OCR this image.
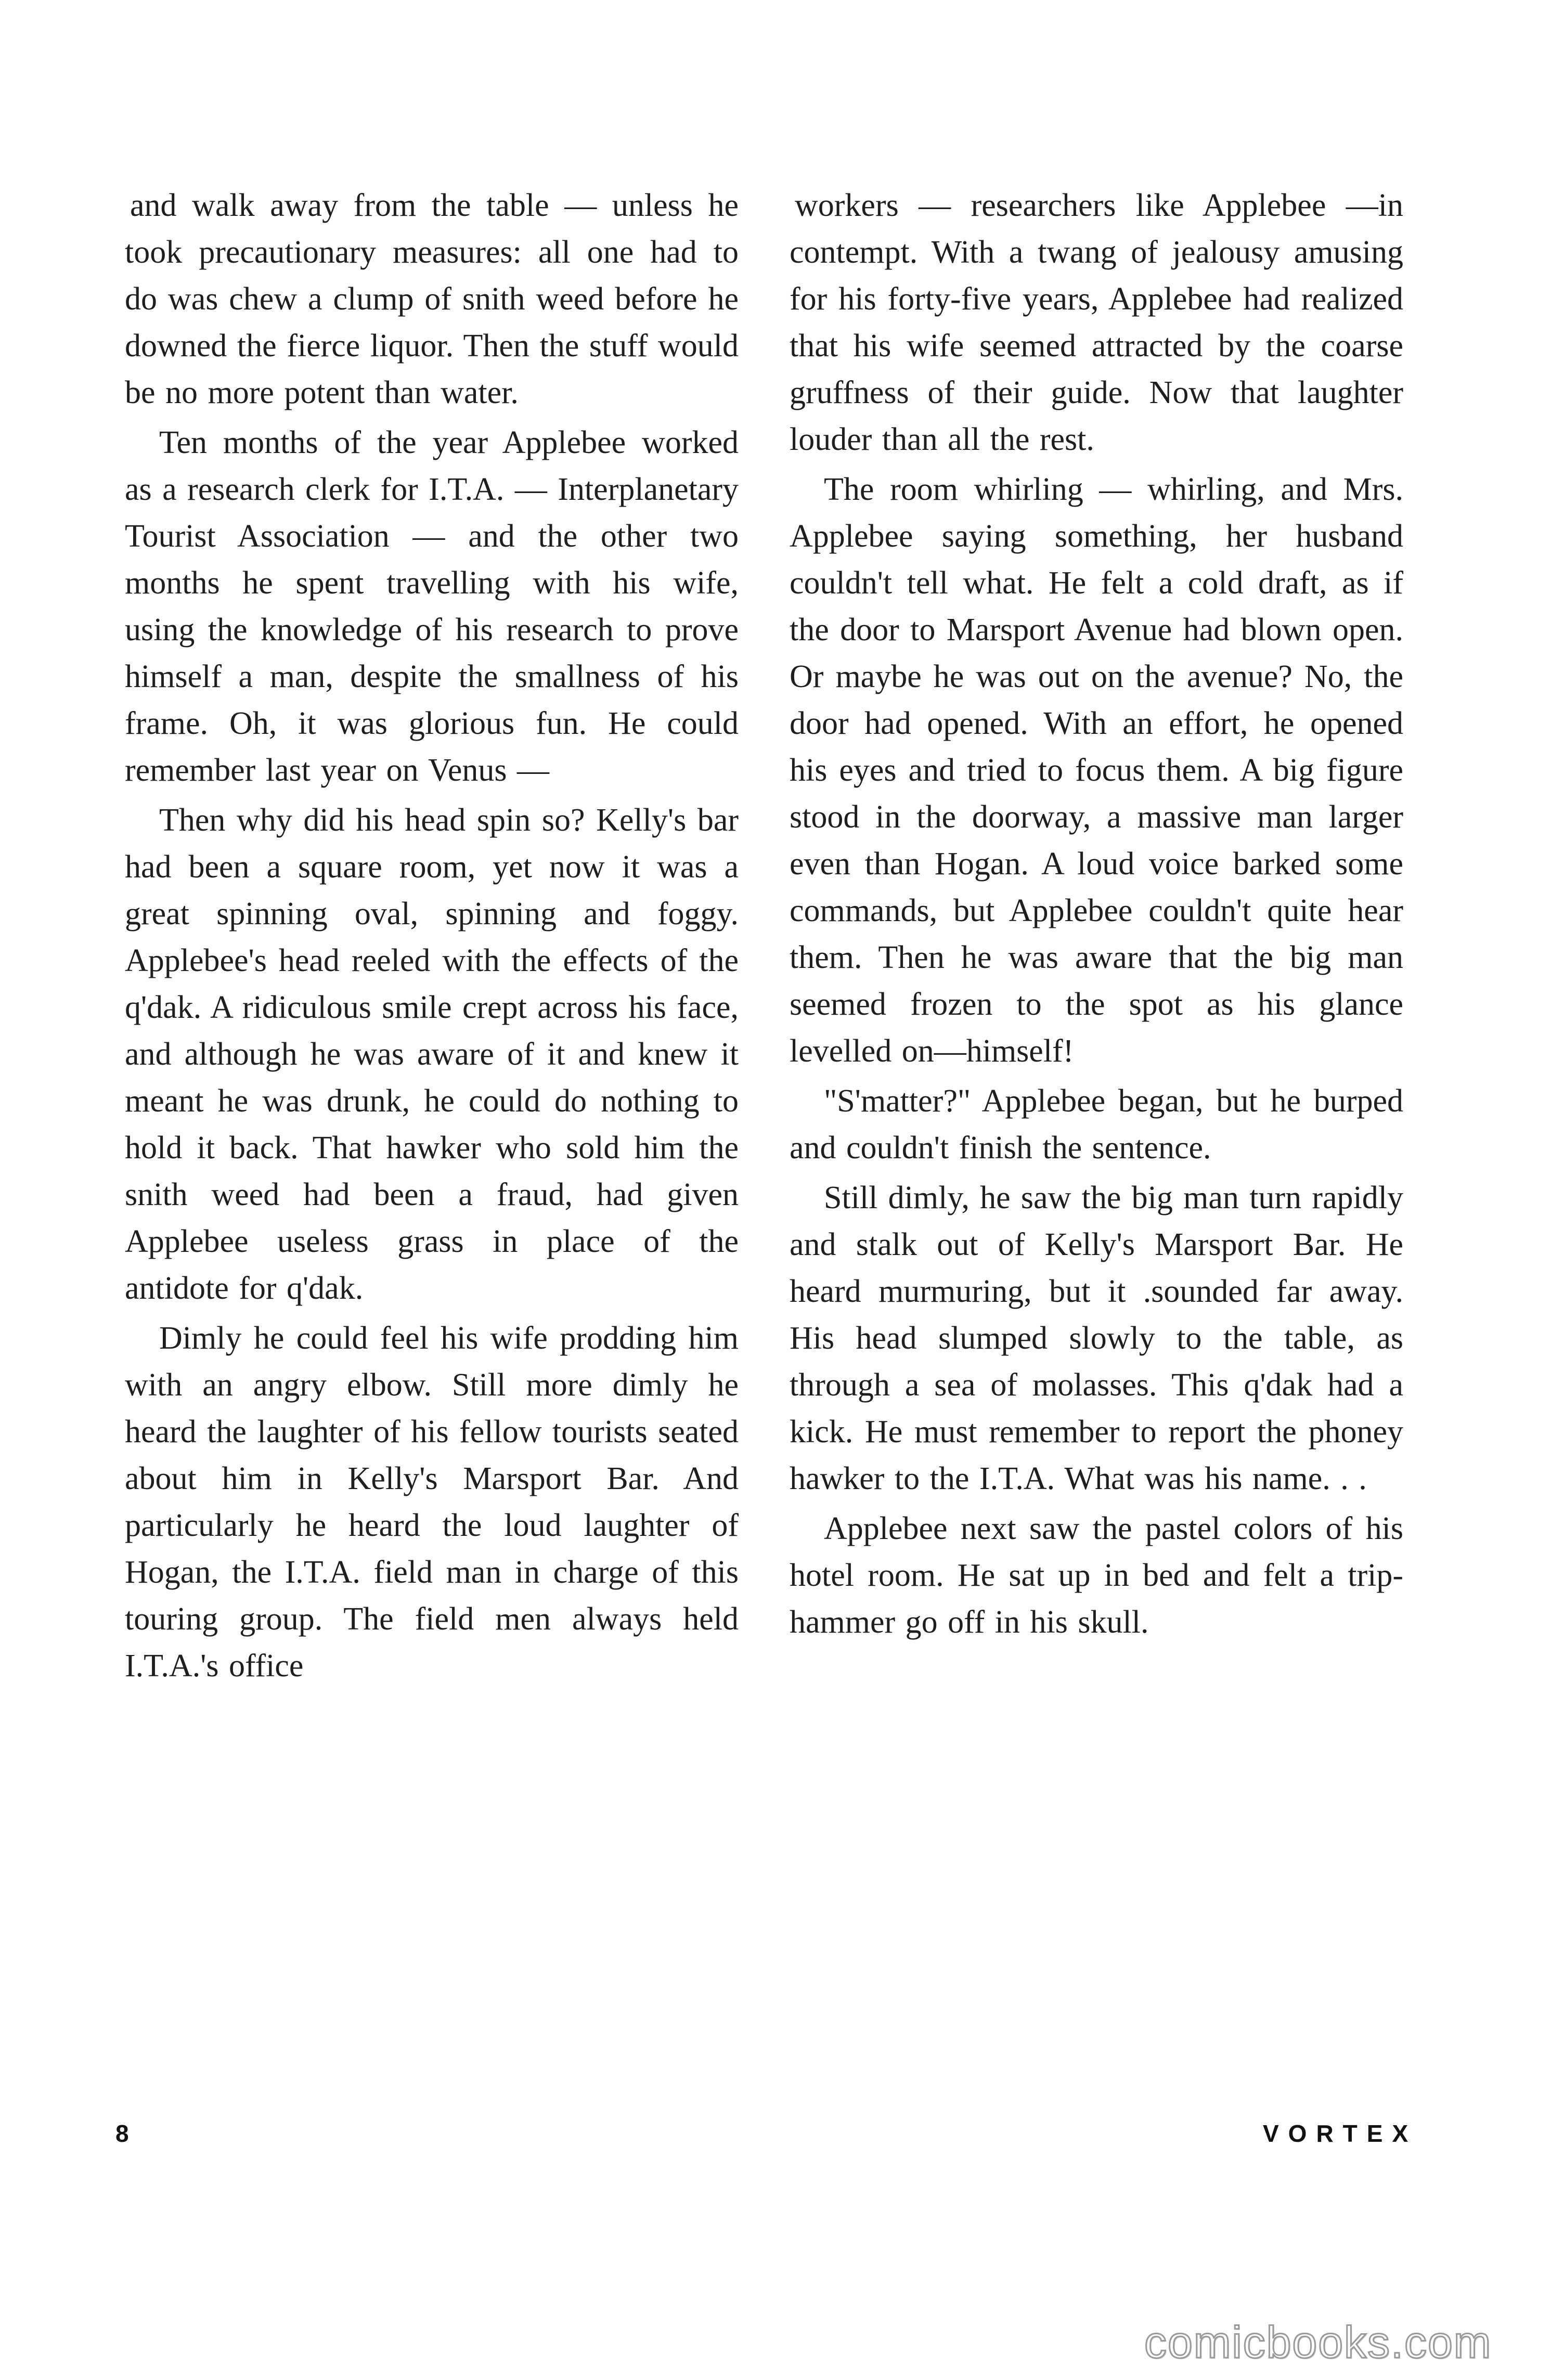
and walk away from the table — unless he took precautionary measures: all one had to do was chew a clump of snith weed before he downed the fierce liquor. Then the stuff would be no more potent than water.

Ten months of the year Applebee worked as a research clerk for I.T.A. — Interplanetary Tourist Association — and the other two months he spent travelling with his wife, using the knowledge of his research to prove himself a man, despite the smallness of his frame. Oh, it was glorious fun. He could remember last year on Venus —

Then why did his head spin so? Kelly's bar had been a square room, yet now it was a great spinning oval, spinning and foggy. Applebee's head reeled with the effects of the q'dak. A ridiculous smile crept across his face, and although he was aware of it and knew it meant he was drunk, he could do nothing to hold it back. That hawker who sold him the snith weed had been a fraud, had given Applebee useless grass in place of the antidote for q'dak.

Dimly he could feel his wife prodding him with an angry elbow. Still more dimly he heard the laughter of his fellow tourists seated about him in Kelly's Marsport Bar. And particularly he heard the loud laughter of Hogan, the I.T.A. field man in charge of this touring group. The field men always held I.T.A.'s office

workers — researchers like Applebee —in contempt. With a twang of jealousy amusing for his forty-five years, Applebee had realized that his wife seemed attracted by the coarse gruffness of their guide. Now that laughter louder than all the rest.

The room whirling — whirling, and Mrs. Applebee saying something, her husband couldn't tell what. He felt a cold draft, as if the door to Marsport Avenue had blown open. Or maybe he was out on the avenue? No, the door had opened. With an effort, he opened his eyes and tried to focus them. A big figure stood in the doorway, a massive man larger even than Hogan. A loud voice barked some commands, but Applebee couldn't quite hear them. Then he was aware that the big man seemed frozen to the spot as his glance levelled on—himself!

"S'matter?" Applebee began, but he burped and couldn't finish the sentence.

Still dimly, he saw the big man turn rapidly and stalk out of Kelly's Marsport Bar. He heard murmuring, but it .sounded far away. His head slumped slowly to the table, as through a sea of molasses. This q'dak had a kick. He must remember to report the phoney hawker to the I.T.A. What was his name. . .

Applebee next saw the pastel colors of his hotel room. He sat up in bed and felt a trip-hammer go off in his skull.

8	VORTEX
comicbooks.com
